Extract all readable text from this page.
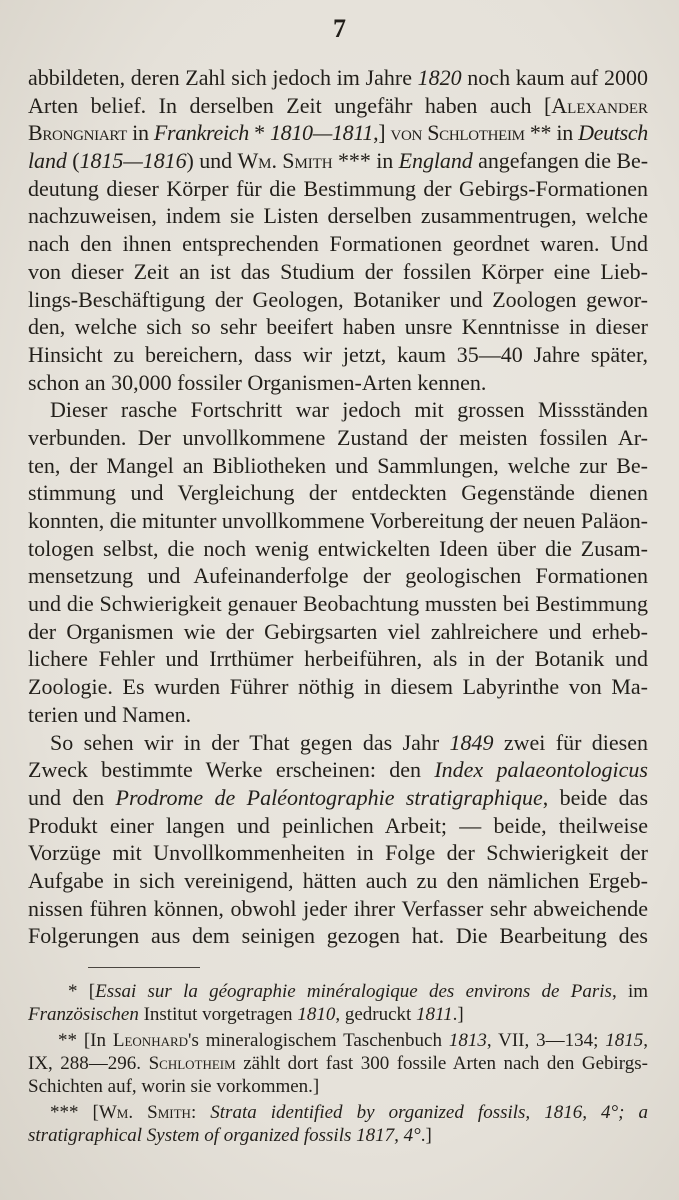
7
abbildeten, deren Zahl sich jedoch im Jahre 1820 noch kaum auf 2000
Arten belief. In derselben Zeit ungefähr haben auch [Alexander
Brongniart in Frankreich * 1810—1811,] von Schlotheim ** in Deutsch
land (1815—1816) und Wm. Smith *** in England angefangen die Be-
deutung dieser Körper für die Bestimmung der Gebirgs-Formationen
nachzuweisen, indem sie Listen derselben zusammentrugen, welche
nach den ihnen entsprechenden Formationen geordnet waren. Und
von dieser Zeit an ist das Studium der fossilen Körper eine Lieb-
lings-Beschäftigung der Geologen, Botaniker und Zoologen gewor-
den, welche sich so sehr beeifert haben unsre Kenntnisse in dieser
Hinsicht zu bereichern, dass wir jetzt, kaum 35—40 Jahre später,
schon an 30,000 fossiler Organismen-Arten kennen.
Dieser rasche Fortschritt war jedoch mit grossen Missständen
verbunden. Der unvollkommene Zustand der meisten fossilen Ar-
ten, der Mangel an Bibliotheken und Sammlungen, welche zur Be-
stimmung und Vergleichung der entdeckten Gegenstände dienen
konnten, die mitunter unvollkommene Vorbereitung der neuen Paläon-
tologen selbst, die noch wenig entwickelten Ideen über die Zusam-
mensetzung und Aufeinanderfolge der geologischen Formationen
und die Schwierigkeit genauer Beobachtung mussten bei Bestimmung
der Organismen wie der Gebirgsarten viel zahlreichere und erheb-
lichere Fehler und Irrthümer herbeiführen, als in der Botanik und
Zoologie. Es wurden Führer nöthig in diesem Labyrinthe von Ma-
terien und Namen.
So sehen wir in der That gegen das Jahr 1849 zwei für diesen
Zweck bestimmte Werke erscheinen: den Index palaeontologicus
und den Prodrome de Paléontographie stratigraphique, beide das
Produkt einer langen und peinlichen Arbeit; — beide, theilweise
Vorzüge mit Unvollkommenheiten in Folge der Schwierigkeit der
Aufgabe in sich vereinigend, hätten auch zu den nämlichen Ergeb-
nissen führen können, obwohl jeder ihrer Verfasser sehr abweichende
Folgerungen aus dem seinigen gezogen hat. Die Bearbeitung des
* [Essai sur la géographie minéralogique des environs de Paris, im
Französischen Institut vorgetragen 1810, gedruckt 1811.]
** [In Leonhard's mineralogischem Taschenbuch 1813, VII, 3—134; 1815,
IX, 288—296. Schlotheim zählt dort fast 300 fossile Arten nach den Gebirgs-
Schichten auf, worin sie vorkommen.]
*** [Wm. Smith: Strata identified by organized fossils, 1816, 4°; a
stratigraphical System of organized fossils 1817, 4°.]
